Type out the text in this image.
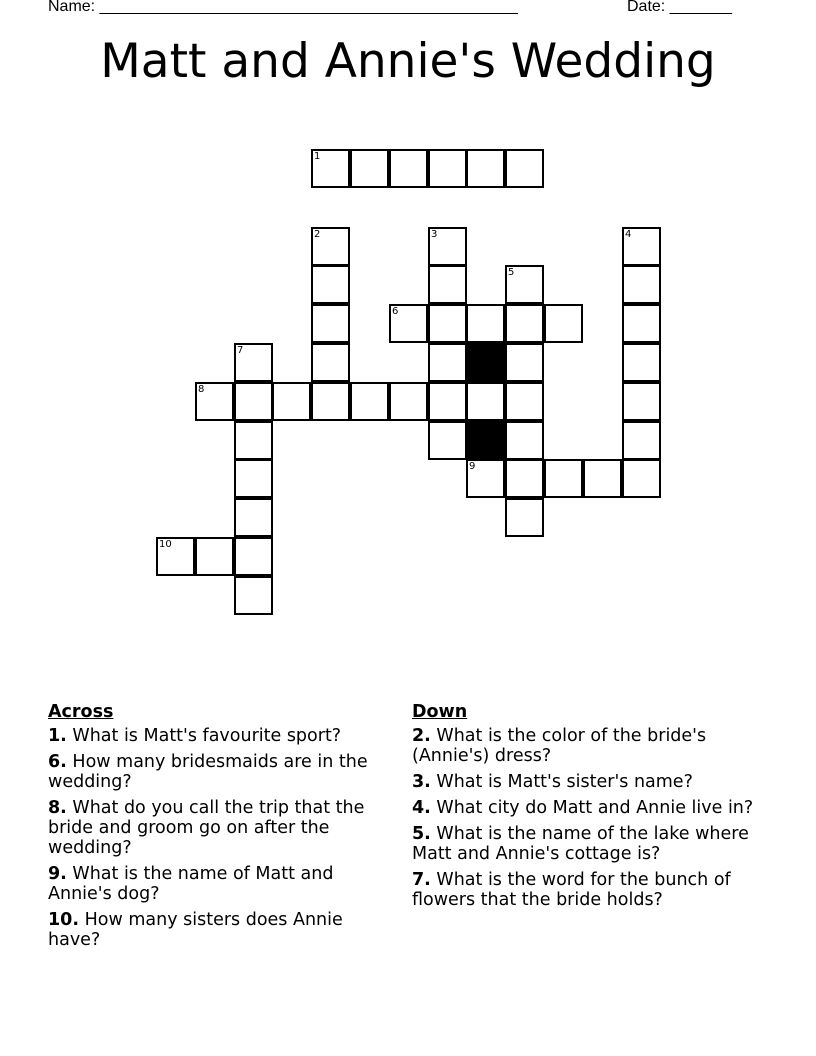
Name: _______________________________________________	Date: _______
Matt and Annie's Wedding
1
2	3	4
5
6
7
8
9
10
Across
1. What is Matt's favourite sport?
6. How many bridesmaids are in the wedding?
8. What do you call the trip that the bride and groom go on after the wedding?
9. What is the name of Matt and Annie's dog?
10. How many sisters does Annie have?
Down
2. What is the color of the bride's (Annie's) dress?
3. What is Matt's sister's name?
4. What city do Matt and Annie live in?
5. What is the name of the lake where Matt and Annie's cottage is?
7. What is the word for the bunch of flowers that the bride holds?
